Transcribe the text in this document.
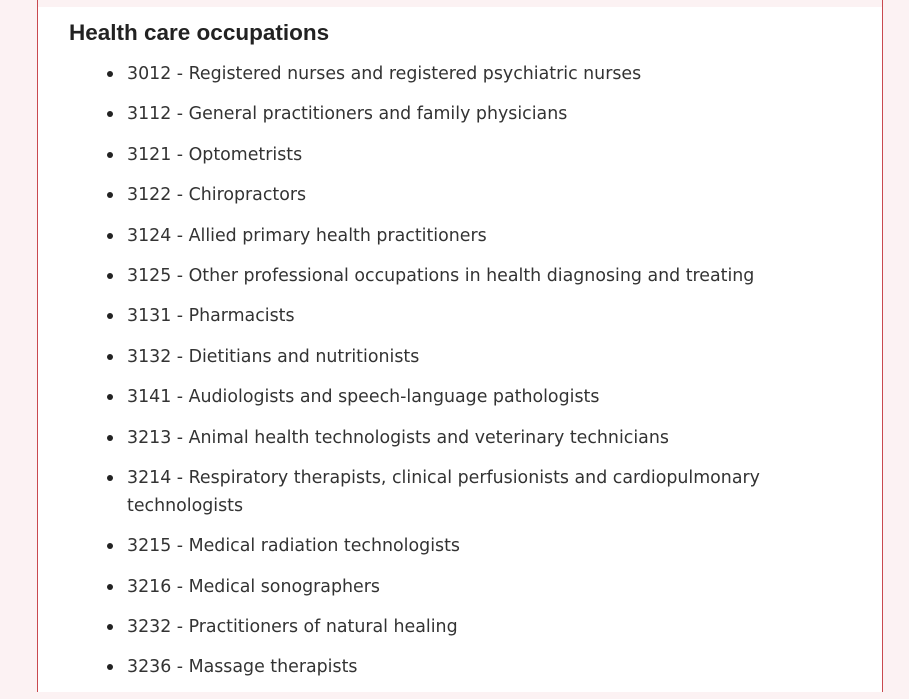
Health care occupations
3012 - Registered nurses and registered psychiatric nurses
3112 - General practitioners and family physicians
3121 - Optometrists
3122 - Chiropractors
3124 - Allied primary health practitioners
3125 - Other professional occupations in health diagnosing and treating
3131 - Pharmacists
3132 - Dietitians and nutritionists
3141 - Audiologists and speech-language pathologists
3213 - Animal health technologists and veterinary technicians
3214 - Respiratory therapists, clinical perfusionists and cardiopulmonary technologists
3215 - Medical radiation technologists
3216 - Medical sonographers
3232 - Practitioners of natural healing
3236 - Massage therapists
